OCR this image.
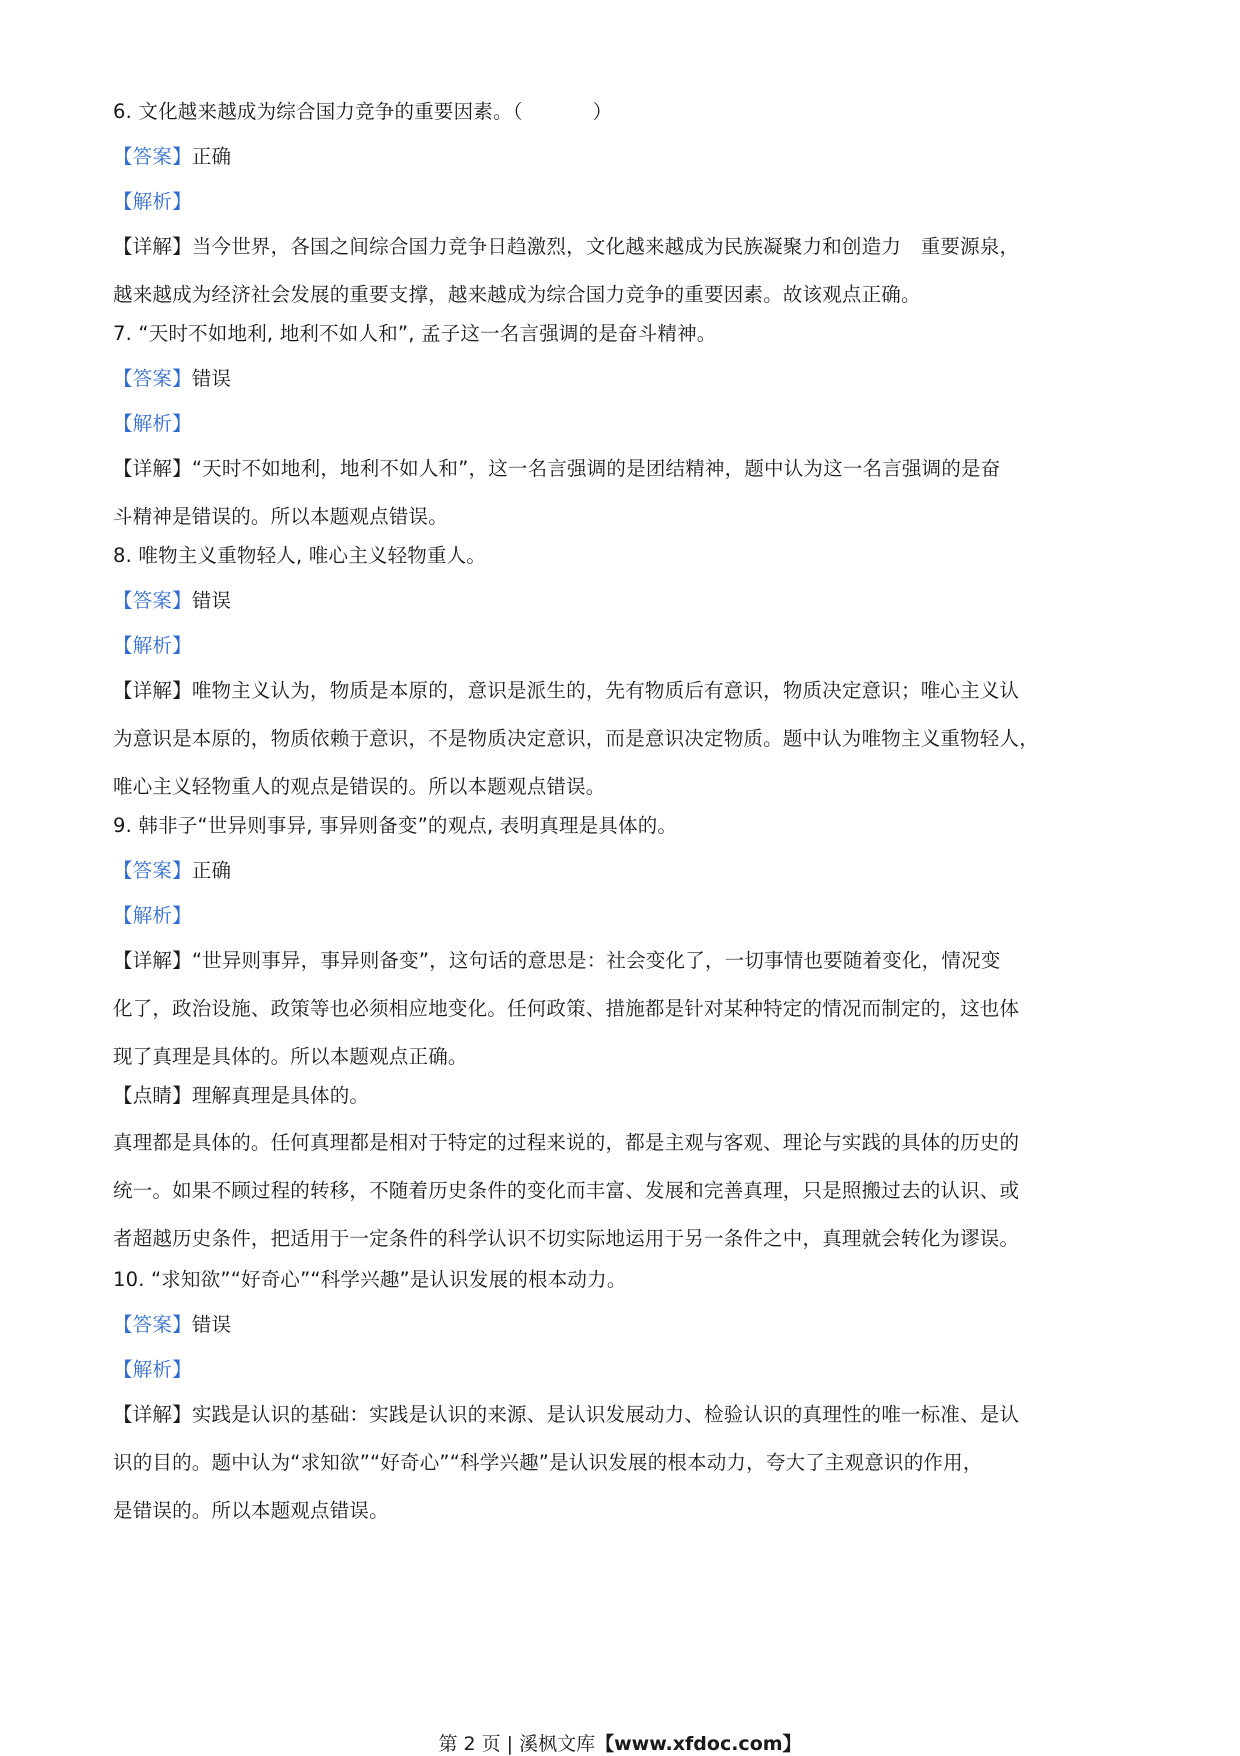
6. 文化越来越成为综合国力竞争的重要因素。（	）
【答案】正确
【解析】
【详解】当今世界，各国之间综合国力竞争日趋激烈，文化越来越成为民族凝聚力和创造力　重要源泉，
越来越成为经济社会发展的重要支撑，越来越成为综合国力竞争的重要因素。故该观点正确。
7. “天时不如地利, 地利不如人和”, 孟子这一名言强调的是奋斗精神。
【答案】错误
【解析】
【详解】“天时不如地利，地利不如人和”，这一名言强调的是团结精神，题中认为这一名言强调的是奋
斗精神是错误的。所以本题观点错误。
8. 唯物主义重物轻人, 唯心主义轻物重人。
【答案】错误
【解析】
【详解】唯物主义认为，物质是本原的，意识是派生的，先有物质后有意识，物质决定意识；唯心主义认
为意识是本原的，物质依赖于意识，不是物质决定意识，而是意识决定物质。题中认为唯物主义重物轻人，
唯心主义轻物重人的观点是错误的。所以本题观点错误。
9. 韩非子“世异则事异, 事异则备变”的观点, 表明真理是具体的。
【答案】正确
【解析】
【详解】“世异则事异，事异则备变”，这句话的意思是：社会变化了，一切事情也要随着变化，情况变
化了，政治设施、政策等也必须相应地变化。任何政策、措施都是针对某种特定的情况而制定的，这也体
现了真理是具体的。所以本题观点正确。
【点睛】理解真理是具体的。
真理都是具体的。任何真理都是相对于特定的过程来说的，都是主观与客观、理论与实践的具体的历史的
统一。如果不顾过程的转移，不随着历史条件的变化而丰富、发展和完善真理，只是照搬过去的认识、或
者超越历史条件，把适用于一定条件的科学认识不切实际地运用于另一条件之中，真理就会转化为谬误。
10. “求知欲”“好奇心”“科学兴趣”是认识发展的根本动力。
【答案】错误
【解析】
【详解】实践是认识的基础：实践是认识的来源、是认识发展动力、检验认识的真理性的唯一标准、是认
识的目的。题中认为“求知欲”“好奇心”“科学兴趣”是认识发展的根本动力，夸大了主观意识的作用，
是错误的。所以本题观点错误。
第 2 页 | 溪枫文库【www.xfdoc.com】
